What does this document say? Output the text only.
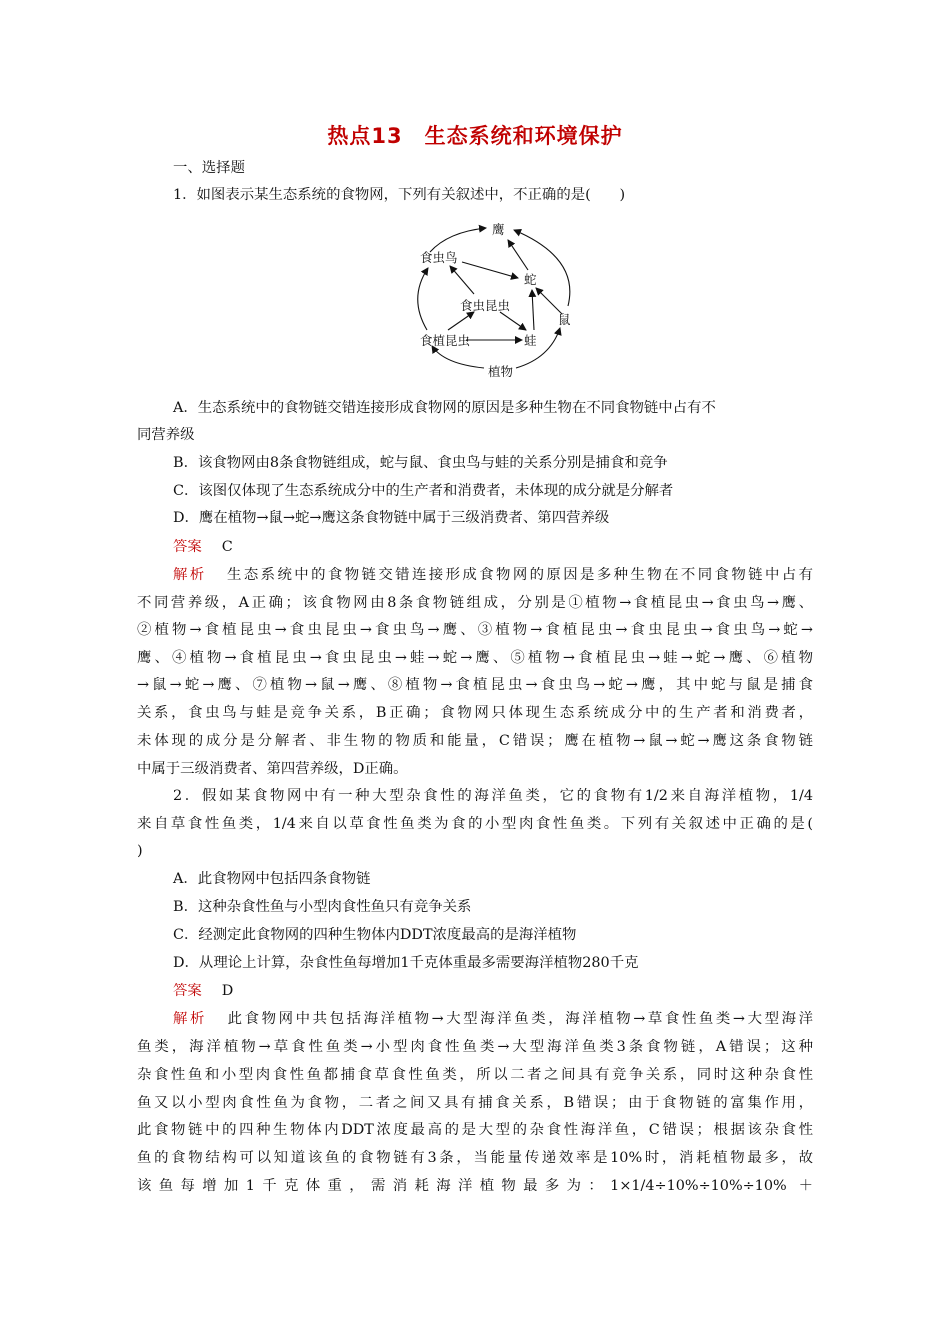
热点13 生态系统和环境保护
一、选择题
1．如图表示某生态系统的食物网，下列有关叙述中，不正确的是(　　)
鹰
食虫鸟
蛇
食虫昆虫
鼠
食植昆虫	蛙
植物
A．生态系统中的食物链交错连接形成食物网的原因是多种生物在不同食物链中占有不
同营养级
B．该食物网由8条食物链组成，蛇与鼠、食虫鸟与蛙的关系分别是捕食和竞争
C．该图仅体现了生态系统成分中的生产者和消费者，未体现的成分就是分解者
D．鹰在植物→鼠→蛇→鹰这条食物链中属于三级消费者、第四营养级
答案 C
解析 生态系统中的食物链交错连接形成食物网的原因是多种生物在不同食物链中占有
不同营养级，A正确；该食物网由8条食物链组成，分别是①植物→食植昆虫→食虫鸟→鹰、
②植物→食植昆虫→食虫昆虫→食虫鸟→鹰、③植物→食植昆虫→食虫昆虫→食虫鸟→蛇→
鹰、④植物→食植昆虫→食虫昆虫→蛙→蛇→鹰、⑤植物→食植昆虫→蛙→蛇→鹰、⑥植物
→鼠→蛇→鹰、⑦植物→鼠→鹰、⑧植物→食植昆虫→食虫鸟→蛇→鹰，其中蛇与鼠是捕食
关系，食虫鸟与蛙是竞争关系，B正确；食物网只体现生态系统成分中的生产者和消费者，
未体现的成分是分解者、非生物的物质和能量，C错误；鹰在植物→鼠→蛇→鹰这条食物链
中属于三级消费者、第四营养级，D正确。
2．假如某食物网中有一种大型杂食性的海洋鱼类，它的食物有1/2来自海洋植物，1/4
来自草食性鱼类，1/4来自以草食性鱼类为食的小型肉食性鱼类。下列有关叙述中正确的是(
)
A．此食物网中包括四条食物链
B．这种杂食性鱼与小型肉食性鱼只有竞争关系
C．经测定此食物网的四种生物体内DDT浓度最高的是海洋植物
D．从理论上计算，杂食性鱼每增加1千克体重最多需要海洋植物280千克
答案 D
解析 此食物网中共包括海洋植物→大型海洋鱼类，海洋植物→草食性鱼类→大型海洋
鱼类，海洋植物→草食性鱼类→小型肉食性鱼类→大型海洋鱼类3条食物链，A错误；这种
杂食性鱼和小型肉食性鱼都捕食草食性鱼类，所以二者之间具有竞争关系，同时这种杂食性
鱼又以小型肉食性鱼为食物，二者之间又具有捕食关系，B错误；由于食物链的富集作用，
此食物链中的四种生物体内DDT浓度最高的是大型的杂食性海洋鱼，C错误；根据该杂食性
鱼的食物结构可以知道该鱼的食物链有3条，当能量传递效率是10%时，消耗植物最多，故
该鱼每增加1千克体重，需消耗海洋植物最多为：1×1/4÷10%÷10%÷10% ＋
